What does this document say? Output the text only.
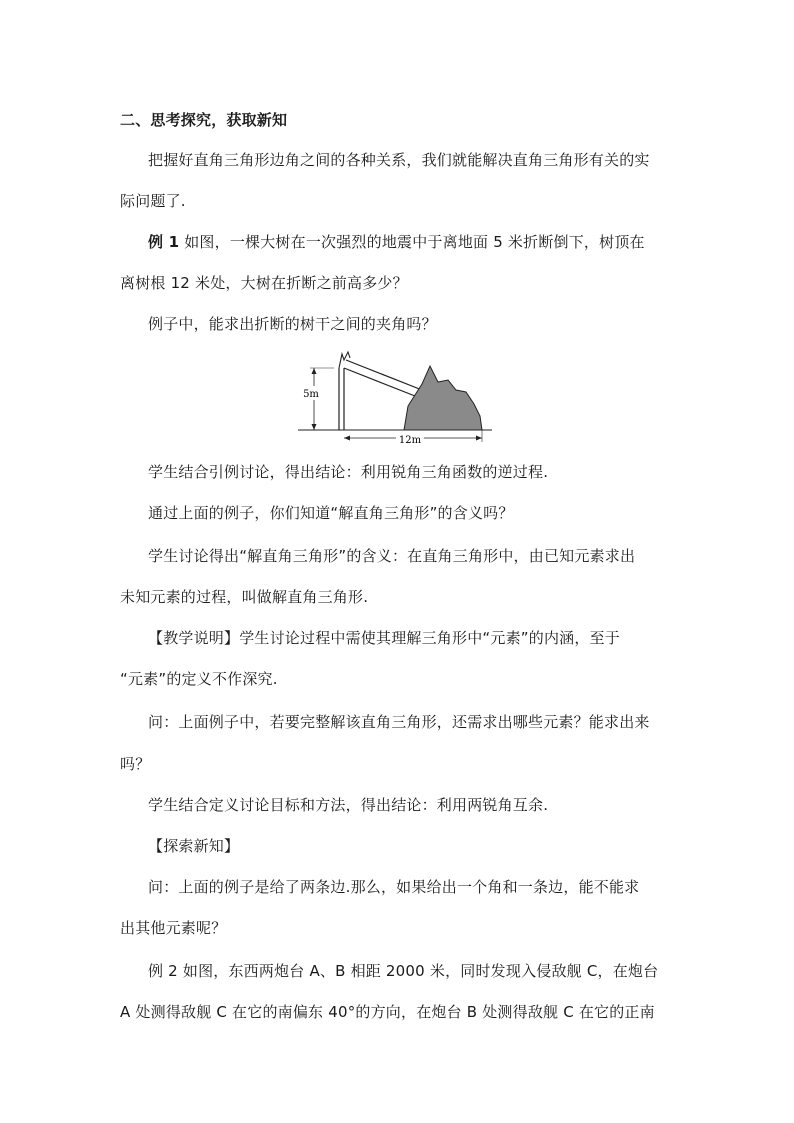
二、思考探究，获取新知
把握好直角三角形边角之间的各种关系，我们就能解决直角三角形有关的实
际问题了.
例 1 如图，一棵大树在一次强烈的地震中于离地面 5 米折断倒下，树顶在
离树根 12 米处，大树在折断之前高多少？
例子中，能求出折断的树干之间的夹角吗？
5m
12m
学生结合引例讨论，得出结论：利用锐角三角函数的逆过程.
通过上面的例子，你们知道“解直角三角形”的含义吗？
学生讨论得出“解直角三角形”的含义：在直角三角形中，由已知元素求出
未知元素的过程，叫做解直角三角形.
【教学说明】学生讨论过程中需使其理解三角形中“元素”的内涵，至于
“元素”的定义不作深究.
问：上面例子中，若要完整解该直角三角形，还需求出哪些元素？能求出来
吗？
学生结合定义讨论目标和方法，得出结论：利用两锐角互余.
【探索新知】
问：上面的例子是给了两条边.那么，如果给出一个角和一条边，能不能求
出其他元素呢？
例 2 如图，东西两炮台 A、B 相距 2000 米，同时发现入侵敌舰 C，在炮台
A 处测得敌舰 C 在它的南偏东 40°的方向，在炮台 B 处测得敌舰 C 在它的正南
